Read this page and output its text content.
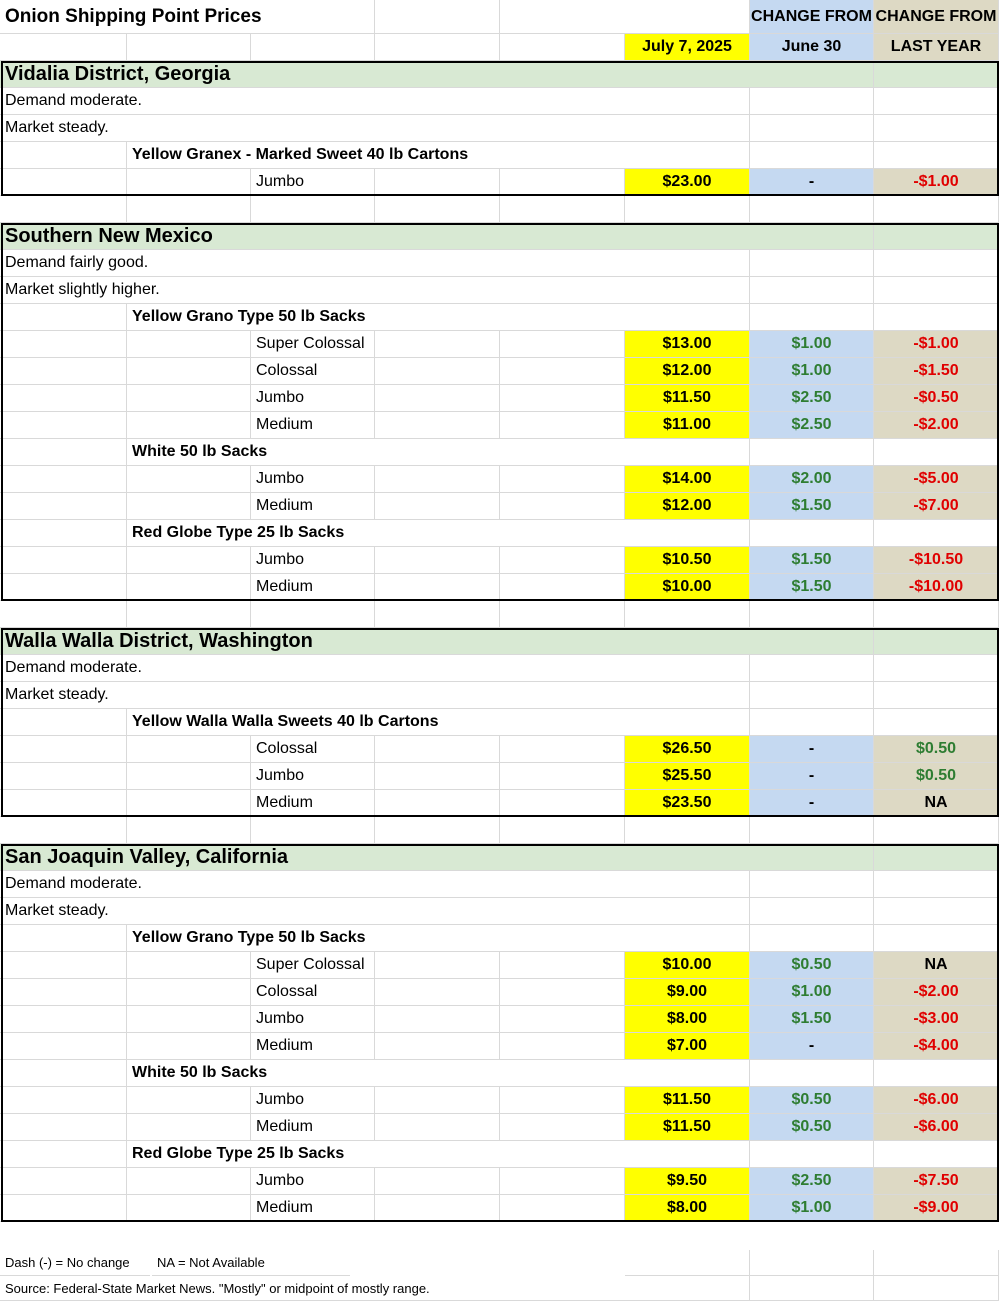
Onion Shipping Point Prices	CHANGE FROM CHANGE FROM
July 7, 2025	June 30	LAST YEAR
Dash (-) = No change	NA = Not Available
Source: Federal-State Market News. "Mostly" or midpoint of mostly range.
Vidalia District, Georgia
Demand moderate.
Market steady.
Yellow Granex - Marked Sweet 40 lb Cartons
Jumbo	$23.00	-	-$1.00
Southern New Mexico
Demand fairly good.
Market slightly higher.
Yellow Grano Type 50 lb Sacks
Super Colossal	$13.00	$1.00	-$1.00
Colossal	$12.00	$1.00	-$1.50
Jumbo	$11.50	$2.50	-$0.50
Medium	$11.00	$2.50	-$2.00
White 50 lb Sacks
Jumbo	$14.00	$2.00	-$5.00
Medium	$12.00	$1.50	-$7.00
Red Globe Type 25 lb Sacks
Jumbo	$10.50	$1.50	-$10.50
Medium	$10.00	$1.50	-$10.00
Walla Walla District, Washington
Demand moderate.
Market steady.
Yellow Walla Walla Sweets 40 lb Cartons
Colossal	$26.50	-	$0.50
Jumbo	$25.50	-	$0.50
Medium	$23.50	-	NA
San Joaquin Valley, California
Demand moderate.
Market steady.
Yellow Grano Type 50 lb Sacks
Super Colossal	$10.00	$0.50	NA
Colossal	$9.00	$1.00	-$2.00
Jumbo	$8.00	$1.50	-$3.00
Medium	$7.00	-	-$4.00
White 50 lb Sacks
Jumbo	$11.50	$0.50	-$6.00
Medium	$11.50	$0.50	-$6.00
Red Globe Type 25 lb Sacks
Jumbo	$9.50	$2.50	-$7.50
Medium	$8.00	$1.00	-$9.00
